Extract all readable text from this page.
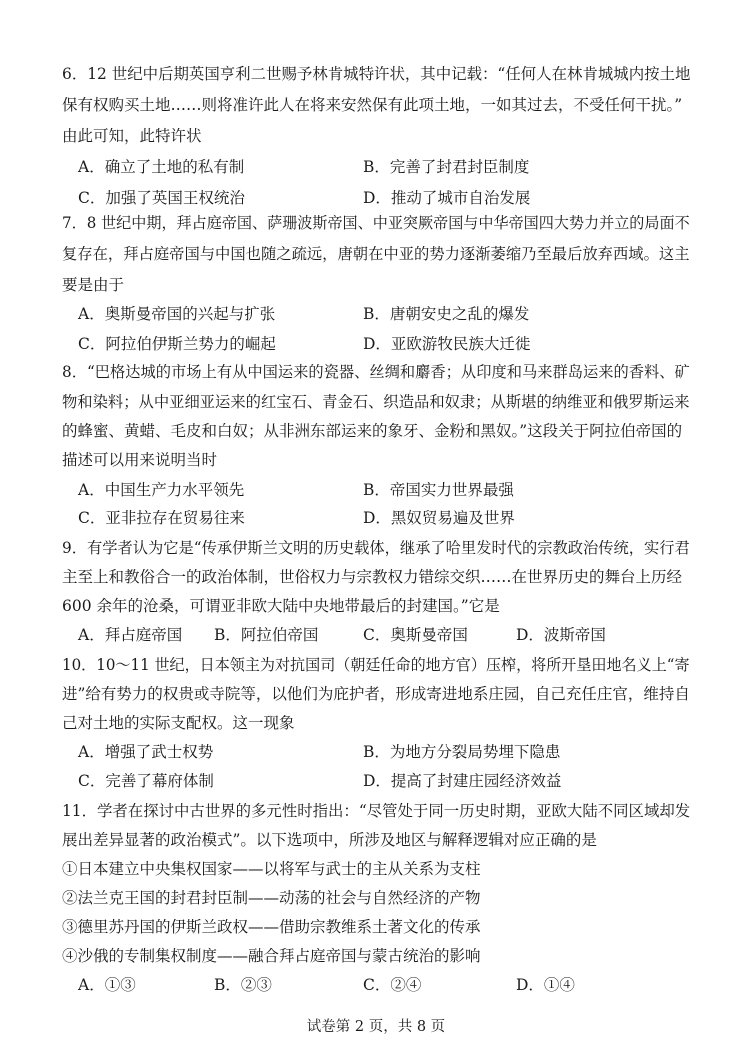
6．12 世纪中后期英国亨利二世赐予林肯城特许状，其中记载：“任何人在林肯城城内按土地
保有权购买土地……则将准许此人在将来安然保有此项土地，一如其过去，不受任何干扰。”
由此可知，此特许状
A．确立了土地的私有制	B．完善了封君封臣制度
C．加强了英国王权统治	D．推动了城市自治发展
7．8 世纪中期，拜占庭帝国、萨珊波斯帝国、中亚突厥帝国与中华帝国四大势力并立的局面不
复存在，拜占庭帝国与中国也随之疏远，唐朝在中亚的势力逐渐萎缩乃至最后放弃西域。这主
要是由于
A．奥斯曼帝国的兴起与扩张	B．唐朝安史之乱的爆发
C．阿拉伯伊斯兰势力的崛起	D．亚欧游牧民族大迁徙
8．“巴格达城的市场上有从中国运来的瓷器、丝绸和麝香；从印度和马来群岛运来的香料、矿
物和染料；从中亚细亚运来的红宝石、青金石、织造品和奴隶；从斯堪的纳维亚和俄罗斯运来
的蜂蜜、黄蜡、毛皮和白奴；从非洲东部运来的象牙、金粉和黑奴。”这段关于阿拉伯帝国的
描述可以用来说明当时
A．中国生产力水平领先	B．帝国实力世界最强
C．亚非拉存在贸易往来	D．黑奴贸易遍及世界
9．有学者认为它是“传承伊斯兰文明的历史载体，继承了哈里发时代的宗教政治传统，实行君
主至上和教俗合一的政治体制，世俗权力与宗教权力错综交织……在世界历史的舞台上历经
600 余年的沧桑，可谓亚非欧大陆中央地带最后的封建国。”它是
A．拜占庭帝国 B．阿拉伯帝国	C．奥斯曼帝国	D．波斯帝国
10．10～11 世纪，日本领主为对抗国司（朝廷任命的地方官）压榨，将所开垦田地名义上“寄
进”给有势力的权贵或寺院等，以他们为庇护者，形成寄进地系庄园，自己充任庄官，维持自
己对土地的实际支配权。这一现象
A．增强了武士权势	B．为地方分裂局势埋下隐患
C．完善了幕府体制	D．提高了封建庄园经济效益
11．学者在探讨中古世界的多元性时指出：“尽管处于同一历史时期，亚欧大陆不同区域却发
展出差异显著的政治模式”。以下选项中，所涉及地区与解释逻辑对应正确的是
①日本建立中央集权国家——以将军与武士的主从关系为支柱
②法兰克王国的封君封臣制——动荡的社会与自然经济的产物
③德里苏丹国的伊斯兰政权——借助宗教维系土著文化的传承
④沙俄的专制集权制度——融合拜占庭帝国与蒙古统治的影响
A．①③	B．②③	C．②④	D．①④
试卷第 2 页，共 8 页
